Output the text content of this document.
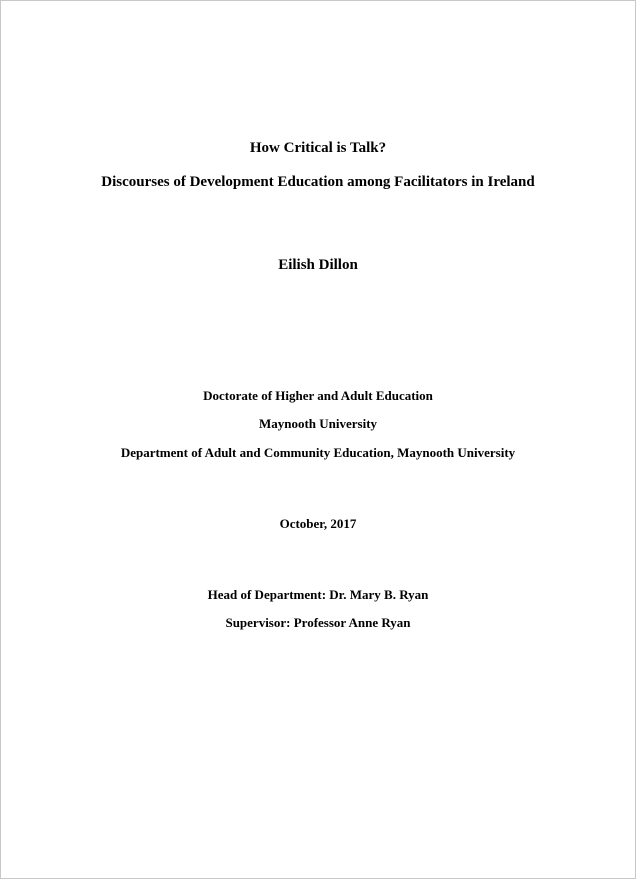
How Critical is Talk?
Discourses of Development Education among Facilitators in Ireland
Eilish Dillon
Doctorate of Higher and Adult Education
Maynooth University
Department of Adult and Community Education, Maynooth University
October, 2017
Head of Department: Dr. Mary B. Ryan
Supervisor: Professor Anne Ryan
